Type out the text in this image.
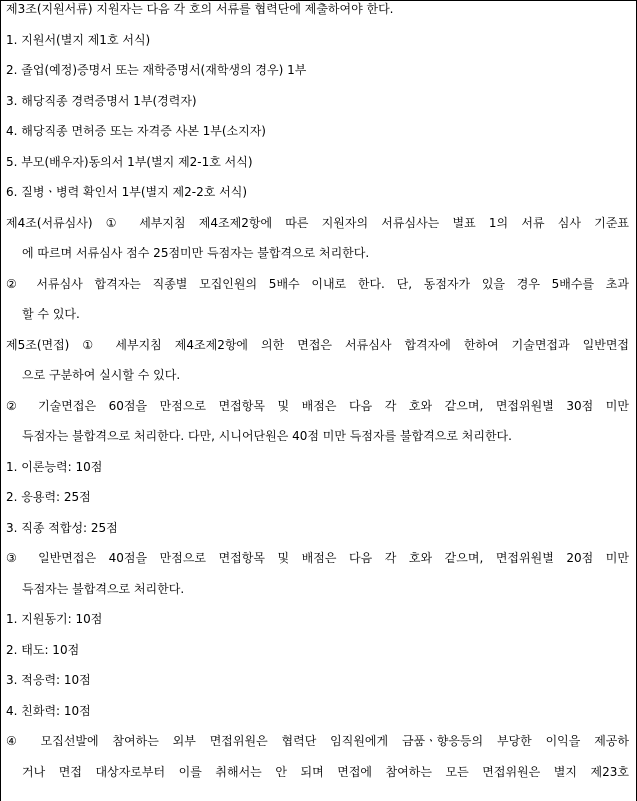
제3조(지원서류) 지원자는 다음 각 호의 서류를 협력단에 제출하여야 한다.
1. 지원서(별지 제1호 서식)
2. 졸업(예정)증명서 또는 재학증명서(재학생의 경우) 1부
3. 해당직종 경력증명서 1부(경력자)
4. 해당직종 면허증 또는 자격증 사본 1부(소지자)
5. 부모(배우자)동의서 1부(별지 제2-1호 서식)
6. 질병ㆍ병력 확인서 1부(별지 제2-2호 서식)
제4조(서류심사) ① 세부지침 제4조제2항에 따른 지원자의 서류심사는 별표 1의 서류 심사 기준표
에 따르며 서류심사 점수 25점미만 득점자는 불합격으로 처리한다.
② 서류심사 합격자는 직종별 모집인원의 5배수 이내로 한다. 단, 동점자가 있을 경우 5배수를 초과
할 수 있다.
제5조(면접) ① 세부지침 제4조제2항에 의한 면접은 서류심사 합격자에 한하여 기술면접과 일반면접
으로 구분하여 실시할 수 있다.
② 기술면접은 60점을 만점으로 면접항목 및 배점은 다음 각 호와 같으며, 면접위원별 30점 미만
득점자는 불합격으로 처리한다. 다만, 시니어단원은 40점 미만 득점자를 불합격으로 처리한다.
1. 이론능력: 10점
2. 응용력: 25점
3. 직종 적합성: 25점
③ 일반면접은 40점을 만점으로 면접항목 및 배점은 다음 각 호와 같으며, 면접위원별 20점 미만
득점자는 불합격으로 처리한다.
1. 지원동기: 10점
2. 태도: 10점
3. 적응력: 10점
4. 친화력: 10점
④ 모집선발에 참여하는 외부 면접위원은 협력단 임직원에게 금품ㆍ향응등의 부당한 이익을 제공하
거나 면접 대상자로부터 이를 취해서는 안 되며 면접에 참여하는 모든 면접위원은 별지 제23호
